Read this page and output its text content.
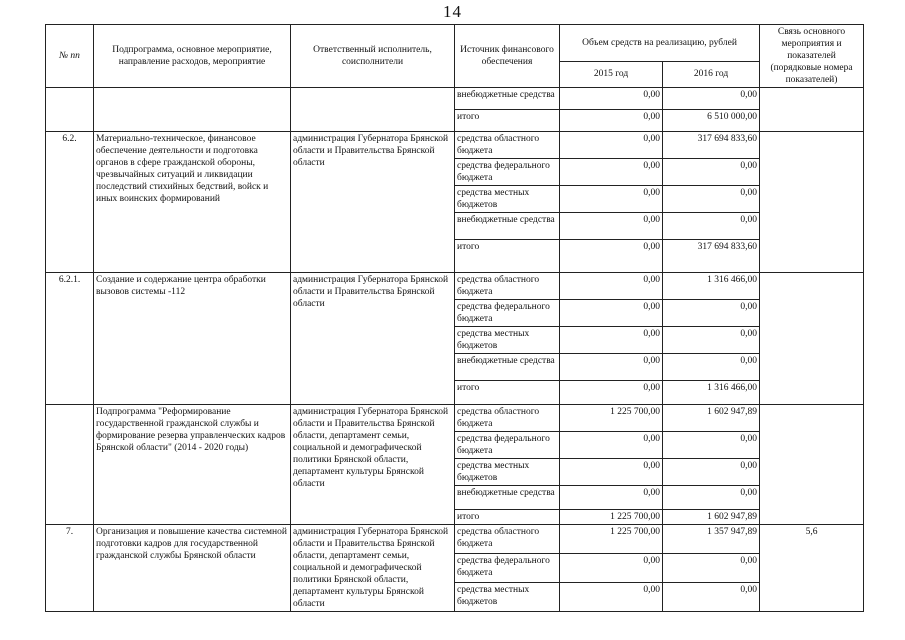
14
№ пп	Подпрограмма, основное мероприятие, направление расходов, мероприятие	Ответственный исполнитель, соисполнители	Источник финансового обеспечения	Объем средств на реализацию, рублей		Связь основного мероприятия и показателей (порядковые номера показателей)
				2015 год	2016 год	
			внебюджетные средства	0,00	0,00	
			итого	0,00	6 510 000,00	
6.2.	Материально-техническое, финансовое обеспечение деятельности и подготовка органов в сфере гражданской обороны, чрезвычайных ситуаций и ликвидации последствий стихийных бедствий, войск и иных воинских формирований	администрация Губернатора Брянской области и Правительства Брянской области	средства областного бюджета	0,00	317 694 833,60	
			средства федерального бюджета	0,00	0,00	
			средства местных бюджетов	0,00	0,00	
			внебюджетные средства	0,00	0,00	
			итого	0,00	317 694 833,60	
6.2.1.	Создание и содержание центра обработки вызовов системы -112	администрация Губернатора Брянской области и Правительства Брянской области	средства областного бюджета	0,00	1 316 466,00	
			средства федерального бюджета	0,00	0,00	
			средства местных бюджетов	0,00	0,00	
			внебюджетные средства	0,00	0,00	
			итого	0,00	1 316 466,00	
	Подпрограмма "Реформирование государственной гражданской службы и формирование резерва управленческих кадров Брянской области" (2014 - 2020 годы)	администрация Губернатора Брянской области и Правительства Брянской области, департамент семьи, социальной и демографической политики Брянской области, департамент культуры Брянской области	средства областного бюджета	1 225 700,00	1 602 947,89	
			средства федерального бюджета	0,00	0,00	
			средства местных бюджетов	0,00	0,00	
			внебюджетные средства	0,00	0,00	
			итого	1 225 700,00	1 602 947,89	
7.	Организация и повышение качества системной подготовки кадров для государственной гражданской службы Брянской области	администрация Губернатора Брянской области и Правительства Брянской области, департамент семьи, социальной и демографической политики Брянской области, департамент культуры Брянской области	средства областного бюджета	1 225 700,00	1 357 947,89	5,6
			средства федерального бюджета	0,00	0,00	
			средства местных бюджетов	0,00	0,00	
